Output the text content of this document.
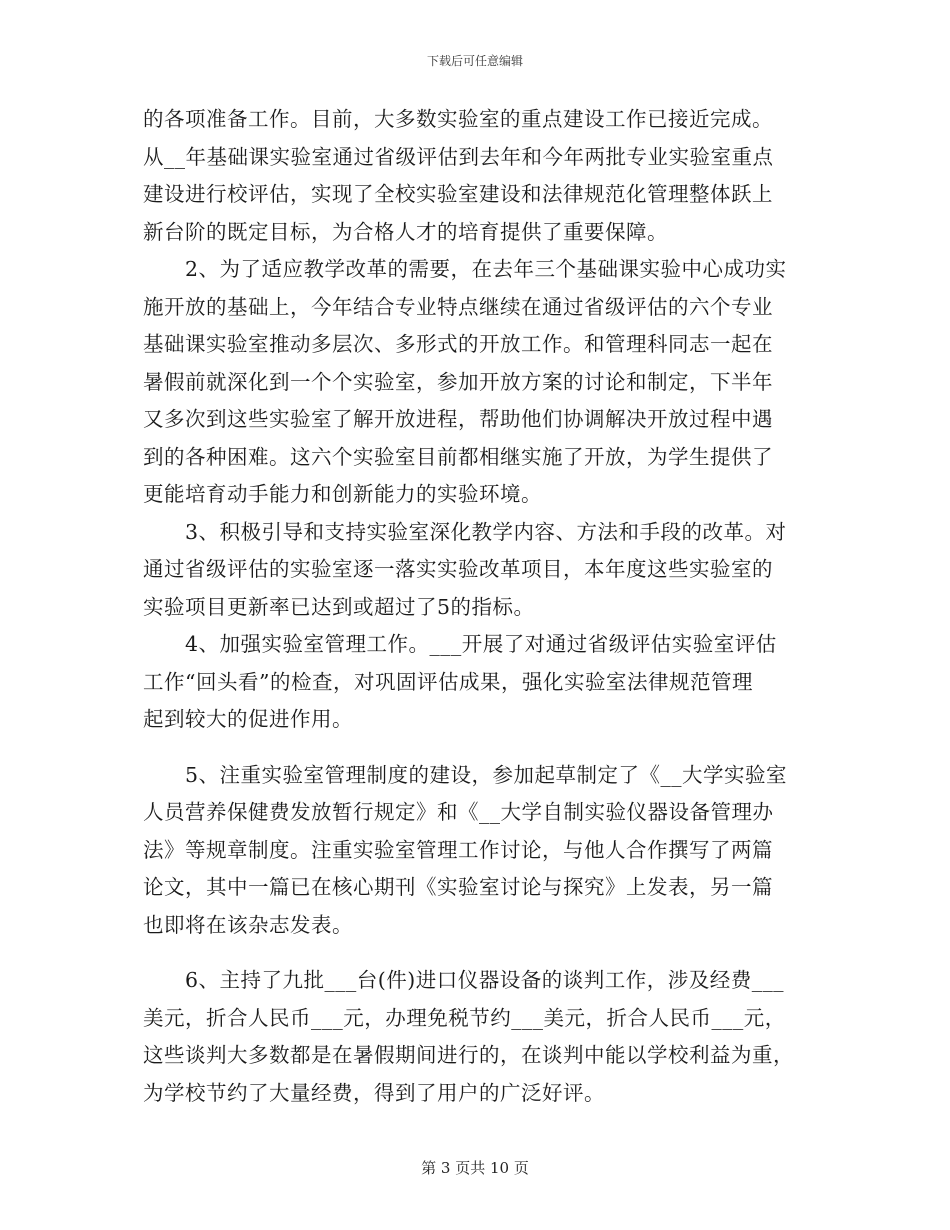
下载后可任意编辑
的各项准备工作。目前，大多数实验室的重点建设工作已接近完成。
从__年基础课实验室通过省级评估到去年和今年两批专业实验室重点
建设进行校评估，实现了全校实验室建设和法律规范化管理整体跃上
新台阶的既定目标，为合格人才的培育提供了重要保障。
　　2、为了适应教学改革的需要，在去年三个基础课实验中心成功实
施开放的基础上，今年结合专业特点继续在通过省级评估的六个专业
基础课实验室推动多层次、多形式的开放工作。和管理科同志一起在
暑假前就深化到一个个实验室，参加开放方案的讨论和制定，下半年
又多次到这些实验室了解开放进程，帮助他们协调解决开放过程中遇
到的各种困难。这六个实验室目前都相继实施了开放，为学生提供了
更能培育动手能力和创新能力的实验环境。
　　3、积极引导和支持实验室深化教学内容、方法和手段的改革。对
通过省级评估的实验室逐一落实实验改革项目，本年度这些实验室的
实验项目更新率已达到或超过了5的指标。
　　4、加强实验室管理工作。___开展了对通过省级评估实验室评估
工作“回头看”的检查，对巩固评估成果，强化实验室法律规范管理
起到较大的促进作用。
　　5、注重实验室管理制度的建设，参加起草制定了《__大学实验室
人员营养保健费发放暂行规定》和《__大学自制实验仪器设备管理办
法》等规章制度。注重实验室管理工作讨论，与他人合作撰写了两篇
论文，其中一篇已在核心期刊《实验室讨论与探究》上发表，另一篇
也即将在该杂志发表。
　　6、主持了九批___台(件)进口仪器设备的谈判工作，涉及经费___
美元，折合人民币___元，办理免税节约___美元，折合人民币___元，
这些谈判大多数都是在暑假期间进行的，在谈判中能以学校利益为重，
为学校节约了大量经费，得到了用户的广泛好评。
第 3 页共 10 页
